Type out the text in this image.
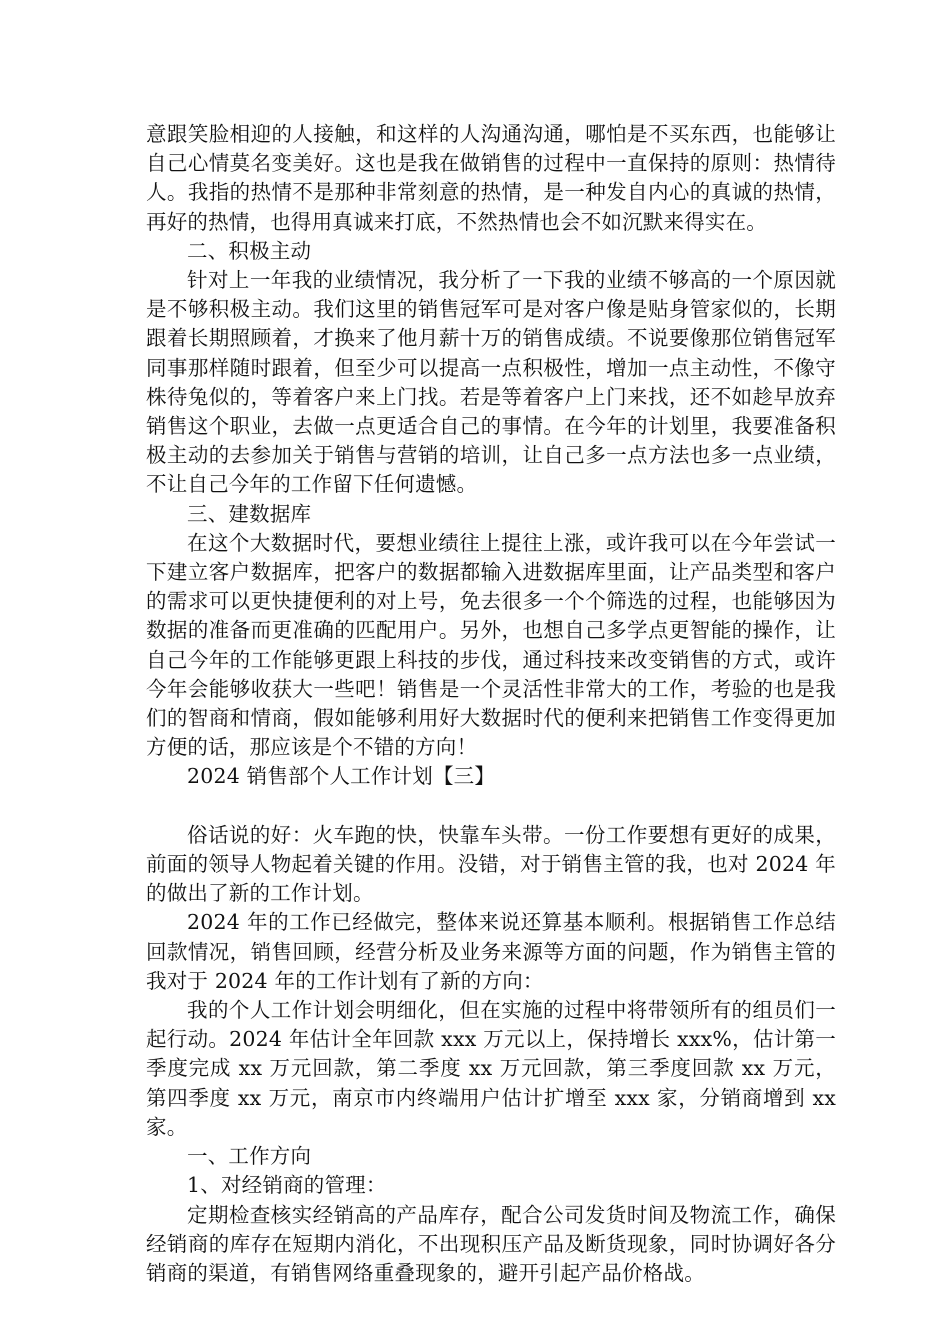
意跟笑脸相迎的人接触，和这样的人沟通沟通，哪怕是不买东西，也能够让自己心情莫名变美好。这也是我在做销售的过程中一直保持的原则：热情待人。我指的热情不是那种非常刻意的热情，是一种发自内心的真诚的热情，再好的热情，也得用真诚来打底，不然热情也会不如沉默来得实在。

二、积极主动

针对上一年我的业绩情况，我分析了一下我的业绩不够高的一个原因就是不够积极主动。我们这里的销售冠军可是对客户像是贴身管家似的，长期跟着长期照顾着，才换来了他月薪十万的销售成绩。不说要像那位销售冠军同事那样随时跟着，但至少可以提高一点积极性，增加一点主动性，不像守株待兔似的，等着客户来上门找。若是等着客户上门来找，还不如趁早放弃销售这个职业，去做一点更适合自己的事情。在今年的计划里，我要准备积极主动的去参加关于销售与营销的培训，让自己多一点方法也多一点业绩，不让自己今年的工作留下任何遗憾。

三、建数据库

在这个大数据时代，要想业绩往上提往上涨，或许我可以在今年尝试一下建立客户数据库，把客户的数据都输入进数据库里面，让产品类型和客户的需求可以更快捷便利的对上号，免去很多一个个筛选的过程，也能够因为数据的准备而更准确的匹配用户。另外，也想自己多学点更智能的操作，让自己今年的工作能够更跟上科技的步伐，通过科技来改变销售的方式，或许今年会能够收获大一些吧！销售是一个灵活性非常大的工作，考验的也是我们的智商和情商，假如能够利用好大数据时代的便利来把销售工作变得更加方便的话，那应该是个不错的方向！

2024 销售部个人工作计划【三】

俗话说的好：火车跑的快，快靠车头带。一份工作要想有更好的成果，前面的领导人物起着关键的作用。没错，对于销售主管的我，也对 2024 年的做出了新的工作计划。

2024 年的工作已经做完，整体来说还算基本顺利。根据销售工作总结回款情况，销售回顾，经营分析及业务来源等方面的问题，作为销售主管的我对于 2024 年的工作计划有了新的方向：

我的个人工作计划会明细化，但在实施的过程中将带领所有的组员们一起行动。2024 年估计全年回款 xxx 万元以上，保持增长 xxx%，估计第一季度完成 xx 万元回款，第二季度 xx 万元回款，第三季度回款 xx 万元，第四季度 xx 万元，南京市内终端用户估计扩增至 xxx 家，分销商增到 xx 家。

一、工作方向

1、对经销商的管理：

定期检查核实经销高的产品库存，配合公司发货时间及物流工作，确保经销商的库存在短期内消化，不出现积压产品及断货现象，同时协调好各分销商的渠道，有销售网络重叠现象的，避开引起产品价格战。
